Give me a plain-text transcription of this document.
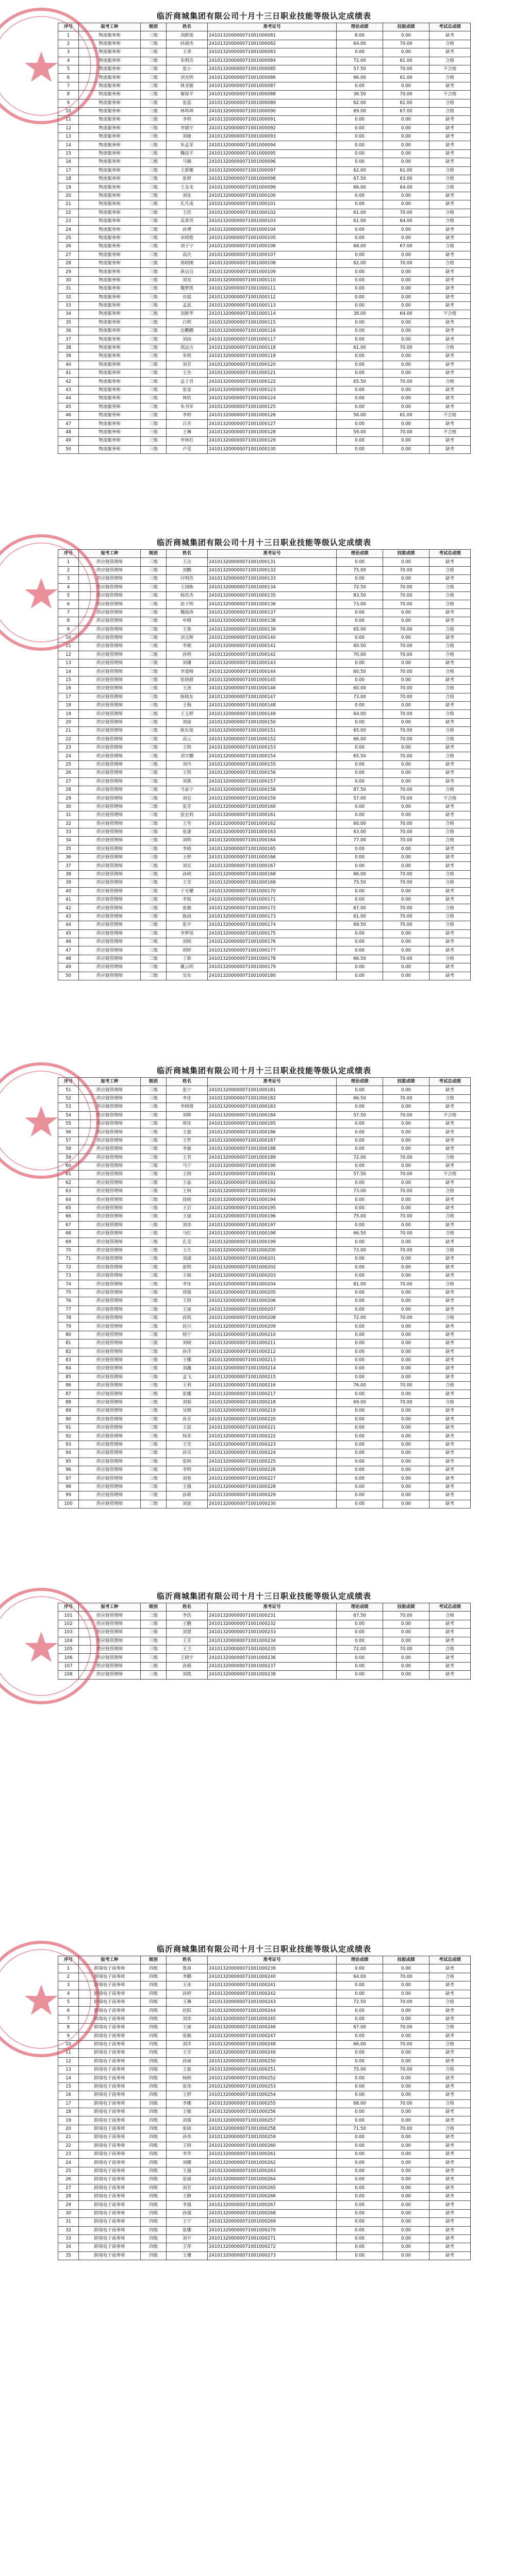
临沂商城集团有限公司十月十三日职业技能等级认定成绩表
序号	报考工种	级别	姓名	准考证号	理论成绩	技能成绩	考试总成绩
1	物流服务师	三级	刘新旭	241013200000071001000081	8.00	0.00	缺考
2	物流服务师	三级	孙淑杰	241013200000071001000082	64.00	70.00	合格
3	物流服务师	三级	王翠	241013200000071001000083	0.00	0.00	缺考
4	物流服务师	三级	朱明亮	241013200000071001000084	72.00	61.00	合格
5	物流服务师	三级	张小	241013200000071001000085	57.50	70.00	不合格
6	物流服务师	三级	刘光明	241013200000071001000086	66.00	61.00	合格
7	物流服务师	三级	林圣敏	241013200000071001000087	0.00	0.00	缺考
8	物流服务师	三级	谢保平	241013200000071001000088	36.50	70.00	不合格
9	物流服务师	三级	张蕊	241013200000071001000089	62.00	61.00	合格
10	物流服务师	三级	林鸣坤	241013200000071001000090	69.00	67.00	合格
11	物流服务师	三级	李明	241013200000071001000091	0.00	0.00	缺考
12	物流服务师	三级	李婧宇	241013200000071001000092	0.00	0.00	缺考
13	物流服务师	三级	刘敏	241013200000071001000093	0.00	0.00	缺考
14	物流服务师	三级	朱孟菲	241013200000071001000094	0.00	0.00	缺考
15	物流服务师	三级	魏叔平	241013200000071001000095	0.00	0.00	缺考
16	物流服务师	三级	马楠	241013200000071001000096	0.00	0.00	缺考
17	物流服务师	三级	王新娜	241013200000071001000097	62.00	61.00	合格
18	物流服务师	三级	张婷	241013200000071001000098	67.50	63.00	合格
19	物流服务师	三级	王金龙	241013200000071001000099	66.00	64.00	合格
20	物流服务师	三级	刘佳	241013200000071001000100	0.00	0.00	缺考
21	物流服务师	三级	孔凡成	241013200000071001000101	0.00	0.00	缺考
22	物流服务师	三级	王浩	241013200000071001000102	61.00	70.00	合格
23	物流服务师	三级	高翠英	241013200000071001000103	61.00	64.00	合格
24	物流服务师	三级	孙博	241013200000071001000104	0.00	0.00	缺考
25	物流服务师	三级	宋晓艳	241013200000071001000105	0.00	0.00	缺考
26	物流服务师	三级	刘子宁	241013200000071001000106	68.00	67.00	合格
27	物流服务师	三级	高庆	241013200000071001000107	0.00	0.00	缺考
28	物流服务师	三级	郑晓刚	241013200000071001000108	62.00	70.00	合格
29	物流服务师	三级	黄运良	241013200000071001000109	0.00	0.00	缺考
30	物流服务师	三级	刘昊	241013200000071001000110	0.00	0.00	缺考
31	物流服务师	三级	魏梦凯	241013200000071001000111	0.00	0.00	缺考
32	物流服务师	三级	房晨	241013200000071001000112	0.00	0.00	缺考
33	物流服务师	三级	孟蕊	241013200000071001000113	0.00	0.00	缺考
34	物流服务师	三级	刘新华	241013200000071001000114	38.00	64.00	不合格
35	物流服务师	三级	白明	241013200000071001000115	0.00	0.00	缺考
36	物流服务师	三级	边鹏鹏	241013200000071001000116	0.00	0.00	缺考
37	物流服务师	三级	刘雨	241013200000071001000117	0.00	0.00	缺考
38	物流服务师	三级	郑远吉	241013200000071001000118	61.00	70.00	合格
39	物流服务师	三级	朱明	241013200000071001000119	0.00	0.00	缺考
40	物流服务师	三级	刘芳	241013200000071001000120	0.00	0.00	缺考
41	物流服务师	三级	王杰	241013200000071001000121	0.00	0.00	缺考
42	物流服务师	三级	孟子君	241013200000071001000122	65.50	70.00	合格
43	物流服务师	三级	张家	241013200000071001000123	0.00	0.00	缺考
44	物流服务师	三级	林欣	241013200000071001000124	0.00	0.00	缺考
45	物流服务师	三级	朱书军	241013200000071001000125	0.00	0.00	缺考
46	物流服务师	三级	李婷	241013200000071001000126	56.00	61.00	不合格
47	物流服务师	三级	吕芳	241013200000071001000127	0.00	0.00	缺考
48	物流服务师	三级	王琳	241013200000071001000128	59.00	70.00	不合格
49	物流服务师	三级	李林杉	241013200000071001000129	0.00	0.00	缺考
50	物流服务师	三级	卢莹	241013200000071001000130	0.00	0.00	缺考
临沂商城集团有限公司十月十三日职业技能等级认定成绩表
序号	报考工种	级别	姓名	准考证号	理论成绩	技能成绩	考试总成绩
1	供应链管理师	三级	王洁	241013200000071001000131	0.00	0.00	缺考
2	供应链管理师	三级	刘鹏	241013200000071001000132	75.00	70.00	合格
3	供应链管理师	三级	付明浩	241013200000071001000133	0.00	0.00	缺考
4	供应链管理师	三级	王国栋	241013200000071001000134	72.50	70.00	合格
5	供应链管理师	三级	杨浩杰	241013200000071001000135	83.50	70.00	合格
6	供应链管理师	三级	赵子明	241013200000071001000136	73.00	70.00	合格
7	供应链管理师	三级	魏海涛	241013200000071001000137	0.00	0.00	缺考
8	供应链管理师	三级	申晴	241013200000071001000138	0.00	0.00	缺考
9	供应链管理师	三级	王俊	241013200000071001000139	65.00	70.00	合格
10	供应链管理师	三级	刘文辉	241013200000071001000140	0.00	0.00	缺考
11	供应链管理师	三级	李朝	241013200000071001000141	60.50	70.00	合格
12	供应链管理师	三级	孙明	241013200000071001000142	70.00	70.00	合格
13	供应链管理师	三级	刘珊	241013200000071001000143	0.00	0.00	缺考
14	供应链管理师	三级	李爱峰	241013200000071001000144	60.50	70.00	合格
15	供应链管理师	三级	张晓婧	241013200000071001000145	0.00	0.00	缺考
16	供应链管理师	三级	王涛	241013200000071001000146	60.00	70.00	合格
17	供应链管理师	三级	陈晓东	241013200000071001000147	73.00	70.00	合格
18	供应链管理师	三级	王梅	241013200000071001000148	0.00	0.00	缺考
19	供应链管理师	三级	王玉婷	241013200000071001000149	64.00	70.00	合格
20	供应链管理师	三级	刘丽	241013200000071001000150	0.00	0.00	缺考
21	供应链管理师	三级	陈东旭	241013200000071001000151	65.00	70.00	合格
22	供应链管理师	三级	高云	241013200000071001000152	66.00	70.00	合格
23	供应链管理师	三级	王明	241013200000071001000153	0.00	0.00	缺考
24	供应链管理师	三级	刘宇鹏	241013200000071001000154	65.50	70.00	合格
25	供应链管理师	三级	刘丹	241013200000071001000155	0.00	0.00	缺考
26	供应链管理师	三级	王凯	241013200000071001000156	0.00	0.00	缺考
27	供应链管理师	三级	刘燕	241013200000071001000157	0.00	0.00	缺考
28	供应链管理师	三级	马家宁	241013200000071001000158	87.50	70.00	合格
29	供应链管理师	三级	刘宏	241013200000071001000159	57.00	70.00	不合格
30	供应链管理师	三级	张芳	241013200000071001000160	0.00	0.00	缺考
31	供应链管理师	三级	张宏利	241013200000071001000161	0.00	0.00	缺考
32	供应链管理师	三级	王雪	241013200000071001000162	60.00	70.00	合格
33	供应链管理师	三级	张建	241013200000071001000163	63.00	70.00	合格
34	供应链管理师	三级	刘明	241013200000071001000164	77.00	70.00	合格
35	供应链管理师	三级	李晓	241013200000071001000165	0.00	0.00	缺考
36	供应链管理师	三级	王婷	241013200000071001000166	0.00	0.00	缺考
37	供应链管理师	三级	刘光	241013200000071001000167	0.00	0.00	缺考
38	供应链管理师	三级	孙晓	241013200000071001000168	66.00	70.00	合格
39	供应链管理师	三级	王莹	241013200000071001000169	75.50	70.00	合格
40	供应链管理师	三级	于光耀	241013200000071001000170	0.00	0.00	缺考
41	供应链管理师	三级	李锐	241013200000071001000171	0.00	0.00	缺考
42	供应链管理师	三级	张敏	241013200000071001000172	67.00	70.00	合格
43	供应链管理师	三级	陈雨	241013200000071001000173	61.00	70.00	合格
44	供应链管理师	三级	张平	241013200000071001000174	69.50	70.00	合格
45	供应链管理师	三级	李梦瑶	241013200000071001000175	0.00	0.00	缺考
46	供应链管理师	三级	刘晓	241013200000071001000176	0.00	0.00	缺考
47	供应链管理师	三级	胡婷	241013200000071001000177	0.00	0.00	缺考
48	供应链管理师	三级	丁新	241013200000071001000178	66.50	70.00	合格
49	供应链管理师	三级	戴云明	241013200000071001000179	0.00	0.00	缺考
50	供应链管理师	三级	吴东	241013200000071001000180	0.00	0.00	缺考
临沂商城集团有限公司十月十三日职业技能等级认定成绩表
序号	报考工种	级别	姓名	准考证号	理论成绩	技能成绩	考试总成绩
51	供应链管理师	三级	张宁	241013200000071001000181	0.00	0.00	缺考
52	供应链管理师	三级	李佳	241013200000071001000182	66.50	70.00	合格
53	供应链管理师	三级	李晓倩	241013200000071001000183	0.00	0.00	缺考
54	供应链管理师	三级	刘辉	241013200000071001000184	57.50	70.00	不合格
55	供应链管理师	三级	邢佳	241013200000071001000185	0.00	0.00	缺考
56	供应链管理师	三级	王磊	241013200000071001000186	0.00	0.00	缺考
57	供应链管理师	三级	王哲	241013200000071001000187	0.00	0.00	缺考
58	供应链管理师	三级	李敏	241013200000071001000188	0.00	0.00	缺考
59	供应链管理师	三级	王君	241013200000071001000189	72.00	70.00	合格
60	供应链管理师	三级	马宁	241013200000071001000190	0.00	0.00	缺考
61	供应链管理师	三级	王晓	241013200000071001000191	57.50	70.00	不合格
62	供应链管理师	三级	于晶	241013200000071001000192	0.00	0.00	缺考
63	供应链管理师	三级	王柯	241013200000071001000193	73.00	70.00	合格
64	供应链管理师	三级	徐晓	241013200000071001000194	0.00	0.00	缺考
65	供应链管理师	三级	王启	241013200000071001000195	0.00	0.00	缺考
66	供应链管理师	三级	王丽	241013200000071001000196	75.00	70.00	合格
67	供应链管理师	三级	刘伟	241013200000071001000197	0.00	0.00	缺考
68	供应链管理师	三级	马红	241013200000071001000198	66.50	70.00	合格
69	供应链管理师	三级	孔莹	241013200000071001000199	0.00	0.00	缺考
70	供应链管理师	三级	王月	241013200000071001000200	73.00	70.00	合格
71	供应链管理师	三级	刘淑	241013200000071001000201	0.00	0.00	缺考
72	供应链管理师	三级	张明	241013200000071001000202	0.00	0.00	缺考
73	供应链管理师	三级	王硕	241013200000071001000203	0.00	0.00	缺考
74	供应链管理师	三级	李佳	241013200000071001000204	81.00	70.00	合格
75	供应链管理师	三级	周强	241013200000071001000205	0.00	0.00	缺考
76	供应链管理师	三级	王晓	241013200000071001000206	0.00	0.00	缺考
77	供应链管理师	三级	王丽	241013200000071001000207	0.00	0.00	缺考
78	供应链管理师	三级	孙凯	241013200000071001000208	72.00	70.00	合格
79	供应链管理师	三级	赵兴	241013200000071001000209	0.00	0.00	缺考
80	供应链管理师	三级	杨宁	241013200000071001000210	0.00	0.00	缺考
81	供应链管理师	三级	刘晓	241013200000071001000211	0.00	0.00	缺考
82	供应链管理师	三级	孙洋	241013200000071001000212	0.00	0.00	缺考
83	供应链管理师	三级	王娜	241013200000071001000213	0.00	0.00	缺考
84	供应链管理师	三级	刘鑫	241013200000071001000214	0.00	0.00	缺考
85	供应链管理师	三级	孟飞	241013200000071001000215	0.00	0.00	缺考
86	供应链管理师	三级	王利	241013200000071001000216	76.00	70.00	合格
87	供应链管理师	三级	张娜	241013200000071001000217	0.00	0.00	缺考
88	供应链管理师	三级	刘娟	241013200000071001000218	69.00	70.00	合格
89	供应链管理师	三级	吴刚	241013200000071001000219	0.00	0.00	缺考
90	供应链管理师	三级	孙芳	241013200000071001000220	0.00	0.00	缺考
91	供应链管理师	三级	王晨	241013200000071001000221	0.00	0.00	缺考
92	供应链管理师	三级	杨菲	241013200000071001000222	0.00	0.00	缺考
93	供应链管理师	三级	王莹	241013200000071001000223	0.00	0.00	缺考
94	供应链管理师	三级	孙亮	241013200000071001000224	0.00	0.00	缺考
95	供应链管理师	三级	张晓	241013200000071001000225	0.00	0.00	缺考
96	供应链管理师	三级	李明	241013200000071001000226	0.00	0.00	缺考
97	供应链管理师	三级	刘旭	241013200000071001000227	0.00	0.00	缺考
98	供应链管理师	三级	王强	241013200000071001000228	0.00	0.00	缺考
99	供应链管理师	三级	孙莉	241013200000071001000229	0.00	0.00	缺考
100	供应链管理师	三级	刘波	241013200000071001000230	0.00	0.00	缺考
临沂商城集团有限公司十月十三日职业技能等级认定成绩表
序号	报考工种	级别	姓名	准考证号	理论成绩	技能成绩	考试总成绩
101	供应链管理师	三级	李浩	241013200000071001000231	67.50	70.00	合格
102	供应链管理师	三级	王鹏	241013200000071001000232	0.00	0.00	缺考
103	供应链管理师	三级	刘慧	241013200000071001000233	0.00	0.00	缺考
104	供应链管理师	三级	王芳	241013200000071001000234	0.00	0.00	缺考
105	供应链管理师	三级	王卫	241013200000071001000235	72.00	70.00	合格
106	供应链管理师	三级	王晓宇	241013200000071001000236	0.00	0.00	缺考
107	供应链管理师	三级	孙娟	241013200000071001000237	0.00	0.00	缺考
108	供应链管理师	三级	刘霞	241013200000071001000238	0.00	0.00	缺考
临沂商城集团有限公司十月十三日职业技能等级认定成绩表
序号	报考工种	级别	姓名	准考证号	理论成绩	技能成绩	考试总成绩
1	跨境电子商务师	四级	鲁南	241013200000071001000239	0.00	0.00	缺考
2	跨境电子商务师	四级	李鹏	241013200000071001000240	64.00	70.00	合格
3	跨境电子商务师	四级	王冰	241013200000071001000241	0.00	0.00	缺考
4	跨境电子商务师	四级	孙婷	241013200000071001000242	0.00	0.00	缺考
5	跨境电子商务师	四级	王琳	241013200000071001000243	72.50	70.00	合格
6	跨境电子商务师	四级	赵阳	241013200000071001000244	0.00	0.00	缺考
7	跨境电子商务师	四级	刘伟	241013200000071001000245	0.00	0.00	缺考
8	跨境电子商务师	四级	王丽	241013200000071001000246	67.00	70.00	合格
9	跨境电子商务师	四级	张敏	241013200000071001000247	0.00	0.00	缺考
10	跨境电子商务师	四级	刘洋	241013200000071001000248	66.00	70.00	合格
11	跨境电子商务师	四级	王芳	241013200000071001000249	0.00	0.00	缺考
12	跨境电子商务师	四级	孙丽	241013200000071001000250	0.00	0.00	缺考
13	跨境电子商务师	四级	王磊	241013200000071001000251	75.00	70.00	合格
14	跨境电子商务师	四级	杨晓	241013200000071001000252	0.00	0.00	缺考
15	跨境电子商务师	四级	张伟	241013200000071001000253	0.00	0.00	缺考
16	跨境电子商务师	四级	王婷	241013200000071001000254	0.00	0.00	缺考
17	跨境电子商务师	四级	李娜	241013200000071001000255	68.00	70.00	合格
18	跨境电子商务师	四级	王敏	241013200000071001000256	0.00	0.00	缺考
19	跨境电子商务师	四级	刘强	241013200000071001000257	0.00	0.00	缺考
20	跨境电子商务师	四级	张晓	241013200000071001000258	71.50	70.00	合格
21	跨境电子商务师	四级	孙伟	241013200000071001000259	0.00	0.00	缺考
22	跨境电子商务师	四级	王晓	241013200000071001000260	0.00	0.00	缺考
23	跨境电子商务师	四级	李华	241013200000071001000261	0.00	0.00	缺考
24	跨境电子商务师	四级	刘娜	241013200000071001000262	0.00	0.00	缺考
25	跨境电子商务师	四级	王强	241013200000071001000263	0.00	0.00	缺考
26	跨境电子商务师	四级	张丽	241013200000071001000264	0.00	0.00	缺考
27	跨境电子商务师	四级	刘芳	241013200000071001000265	0.00	0.00	缺考
28	跨境电子商务师	四级	王静	241013200000071001000266	0.00	0.00	缺考
29	跨境电子商务师	四级	李强	241013200000071001000267	0.00	0.00	缺考
30	跨境电子商务师	四级	孙强	241013200000071001000268	0.00	0.00	缺考
31	跨境电子商务师	四级	王宁	241013200000071001000269	0.00	0.00	缺考
32	跨境电子商务师	四级	张娜	241013200000071001000270	0.00	0.00	缺考
33	跨境电子商务师	四级	刘平	241013200000071001000271	0.00	0.00	缺考
34	跨境电子商务师	四级	王萍	241013200000071001000272	0.00	0.00	缺考
35	跨境电子商务师	四级	王珊	241013200000071001000273	0.00	0.00	缺考
